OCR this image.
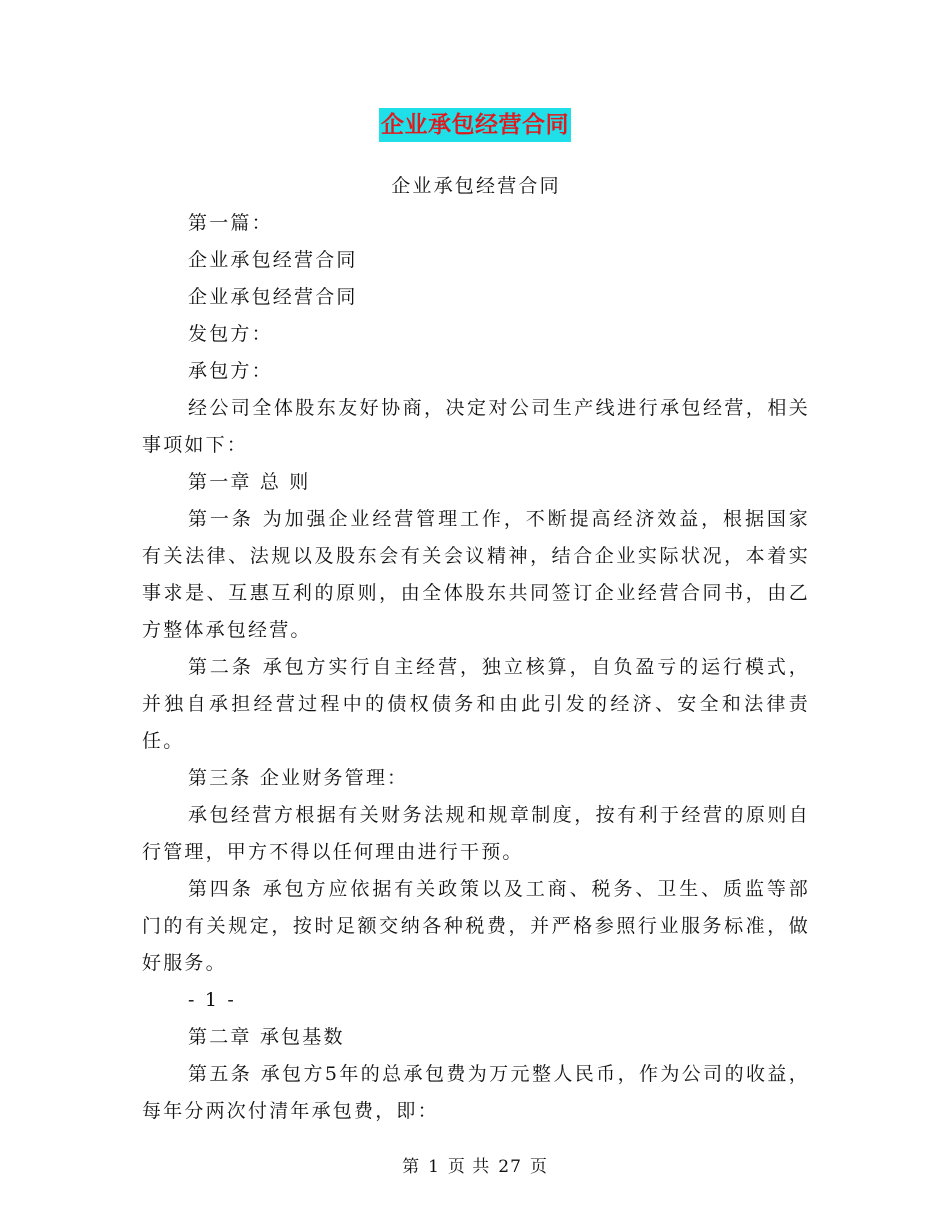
企业承包经营合同

企业承包经营合同

第一篇：

企业承包经营合同

企业承包经营合同

发包方：

承包方：

经公司全体股东友好协商，决定对公司生产线进行承包经营，相关事项如下：

第一章 总 则

第一条 为加强企业经营管理工作，不断提高经济效益，根据国家有关法律、法规以及股东会有关会议精神，结合企业实际状况，本着实事求是、互惠互利的原则，由全体股东共同签订企业经营合同书，由乙方整体承包经营。

第二条 承包方实行自主经营，独立核算，自负盈亏的运行模式，并独自承担经营过程中的债权债务和由此引发的经济、安全和法律责任。

第三条 企业财务管理：

承包经营方根据有关财务法规和规章制度，按有利于经营的原则自行管理，甲方不得以任何理由进行干预。

第四条 承包方应依据有关政策以及工商、税务、卫生、质监等部门的有关规定，按时足额交纳各种税费，并严格参照行业服务标准，做好服务。

- 1 -

第二章 承包基数

第五条 承包方5年的总承包费为万元整人民币，作为公司的收益，每年分两次付清年承包费，即：

第 1 页 共 27 页
